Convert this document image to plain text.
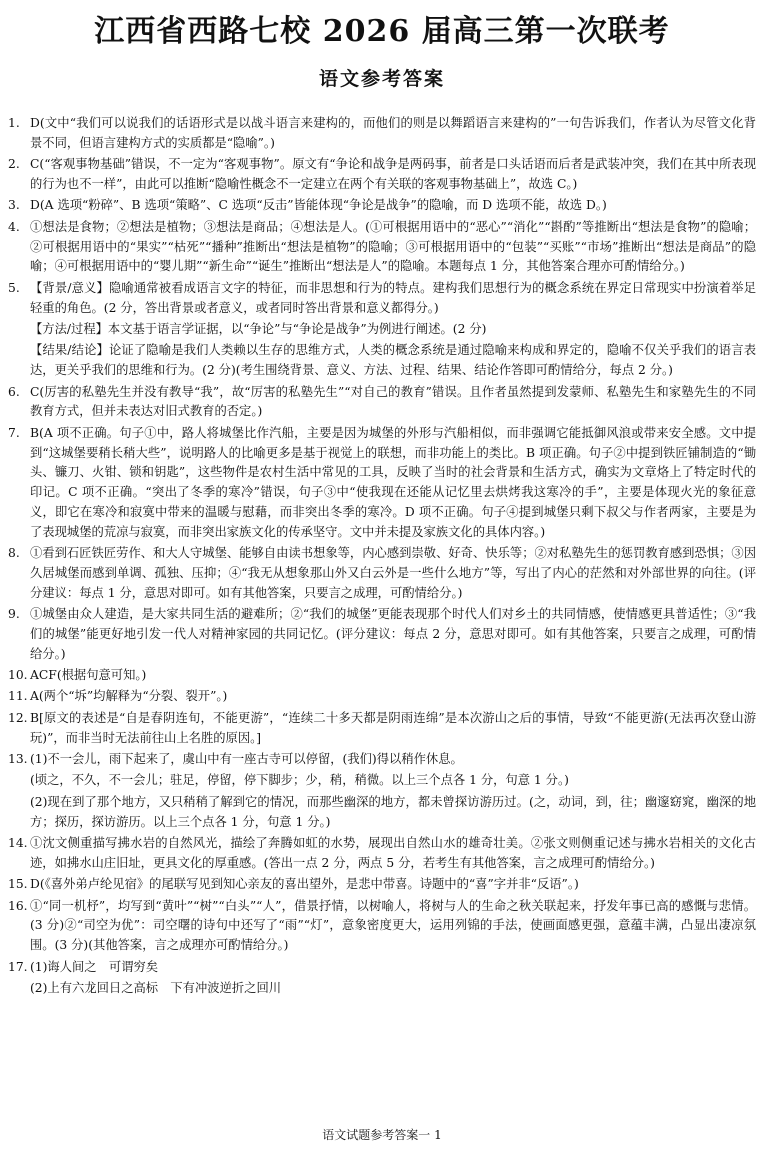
江西省西路七校 2026 届高三第一次联考
语文参考答案
1. D(文中“我们可以说我们的话语形式是以战斗语言来建构的，而他们的则是以舞蹈语言来建构的”一句告诉我们，作者认为尽管文化背景不同，但语言建构方式的实质都是“隐喻”。)
2. C(“客观事物基础”错误，不一定为“客观事物”。原文有“争论和战争是两码事，前者是口头话语而后者是武装冲突，我们在其中所表现的行为也不一样”，由此可以推断“隐喻性概念不一定建立在两个有关联的客观事物基础上”，故选 C。)
3. D(A 选项“粉碎”、B 选项“策略”、C 选项“反击”皆能体现“争论是战争”的隐喻，而 D 选项不能，故选 D。)
4. ①想法是食物；②想法是植物；③想法是商品；④想法是人。(①可根据用语中的“恶心”“消化”“斟酌”等推断出“想法是食物”的隐喻；②可根据用语中的“果实”“枯死”“播种”推断出“想法是植物”的隐喻；③可根据用语中的“包装”“买账”“市场”推断出“想法是商品”的隐喻；④可根据用语中的“婴儿期”“新生命”“诞生”推断出“想法是人”的隐喻。本题每点 1 分，其他答案合理亦可酌情给分。)
5. 【背景/意义】隐喻通常被看成语言文字的特征，而非思想和行为的特点。建构我们思想行为的概念系统在界定日常现实中扮演着举足轻重的角色。(2 分，答出背景或者意义，或者同时答出背景和意义都得分。)
【方法/过程】本文基于语言学证据，以“争论”与“争论是战争”为例进行阐述。(2 分)
【结果/结论】论证了隐喻是我们人类赖以生存的思维方式，人类的概念系统是通过隐喻来构成和界定的，隐喻不仅关乎我们的语言表达，更关乎我们的思维和行为。(2 分)(考生围绕背景、意义、方法、过程、结果、结论作答即可酌情给分，每点 2 分。)
6. C(厉害的私塾先生并没有教导“我”，故“厉害的私塾先生”“对自己的教育”错误。且作者虽然提到发蒙师、私塾先生和家塾先生的不同教育方式，但并未表达对旧式教育的否定。)
7. B(A 项不正确。句子①中，路人将城堡比作汽船，主要是因为城堡的外形与汽船相似，而非强调它能抵御风浪或带来安全感。文中提到“这城堡要稍长稍大些”，说明路人的比喻更多是基于视觉上的联想，而非功能上的类比。B 项正确。句子②中提到铁匠铺制造的“锄头、镰刀、火钳、锁和钥匙”，这些物件是农村生活中常见的工具，反映了当时的社会背景和生活方式，确实为文章烙上了特定时代的印记。C 项不正确。“突出了冬季的寒冷”错误，句子③中“使我现在还能从记忆里去烘烤我这寒冷的手”，主要是体现火光的象征意义，即它在寒冷和寂寞中带来的温暖与慰藉，而非突出冬季的寒冷。D 项不正确。句子④提到城堡只剩下叔父与作者两家，主要是为了表现城堡的荒凉与寂寞，而非突出家族文化的传承坚守。文中并未提及家族文化的具体内容。)
8. ①看到石匠铁匠劳作、和大人守城堡、能够自由读书想象等，内心感到崇敬、好奇、快乐等；②对私塾先生的惩罚教育感到恐惧；③因久居城堡而感到单调、孤独、压抑；④“我无从想象那山外又白云外是一些什么地方”等，写出了内心的茫然和对外部世界的向往。(评分建议：每点 1 分，意思对即可。如有其他答案，只要言之成理，可酌情给分。)
9. ①城堡由众人建造，是大家共同生活的避难所；②“我们的城堡”更能表现那个时代人们对乡土的共同情感，使情感更具普适性；③“我们的城堡”能更好地引发一代人对精神家园的共同记忆。(评分建议：每点 2 分，意思对即可。如有其他答案，只要言之成理，可酌情给分。)
10. ACF(根据句意可知。)
11. A(两个“坼”均解释为“分裂、裂开”。)
12. B[原文的表述是“自是春阴连旬，不能更游”，“连续二十多天都是阴雨连绵”是本次游山之后的事情，导致“不能更游(无法再次登山游玩)”，而非当时无法前往山上名胜的原因。]
13. (1)不一会儿，雨下起来了，虞山中有一座古寺可以停留，(我们)得以稍作休息。
(顷之，不久，不一会儿；驻足，停留，停下脚步；少，稍，稍微。以上三个点各 1 分，句意 1 分。)
(2)现在到了那个地方，又只稍稍了解到它的情况，而那些幽深的地方，都未曾探访游历过。(之，动词，到，往；幽邃窈窕，幽深的地方；探历，探访游历。以上三个点各 1 分，句意 1 分。)
14. ①沈文侧重描写拂水岩的自然风光，描绘了奔腾如虹的水势，展现出自然山水的雄奇壮美。②张文则侧重记述与拂水岩相关的文化古迹，如拂水山庄旧址，更具文化的厚重感。(答出一点 2 分，两点 5 分，若考生有其他答案，言之成理可酌情给分。)
15. D(《喜外弟卢纶见宿》的尾联写见到知心亲友的喜出望外，是悲中带喜。诗题中的“喜”字并非“反语”。)
16. ①“同一机杼”，均写到“黄叶”“树”“白头”“人”，借景抒情，以树喻人，将树与人的生命之秋关联起来，抒发年事已高的感慨与悲情。(3 分)②“司空为优”：司空曙的诗句中还写了“雨”“灯”，意象密度更大，运用列锦的手法，使画面感更强，意蕴丰满，凸显出凄凉氛围。(3 分)(其他答案，言之成理亦可酌情给分。)
17. (1)诲人间之　可谓穷矣
(2)上有六龙回日之高标　下有冲波逆折之回川
语文试题参考答案一 1
